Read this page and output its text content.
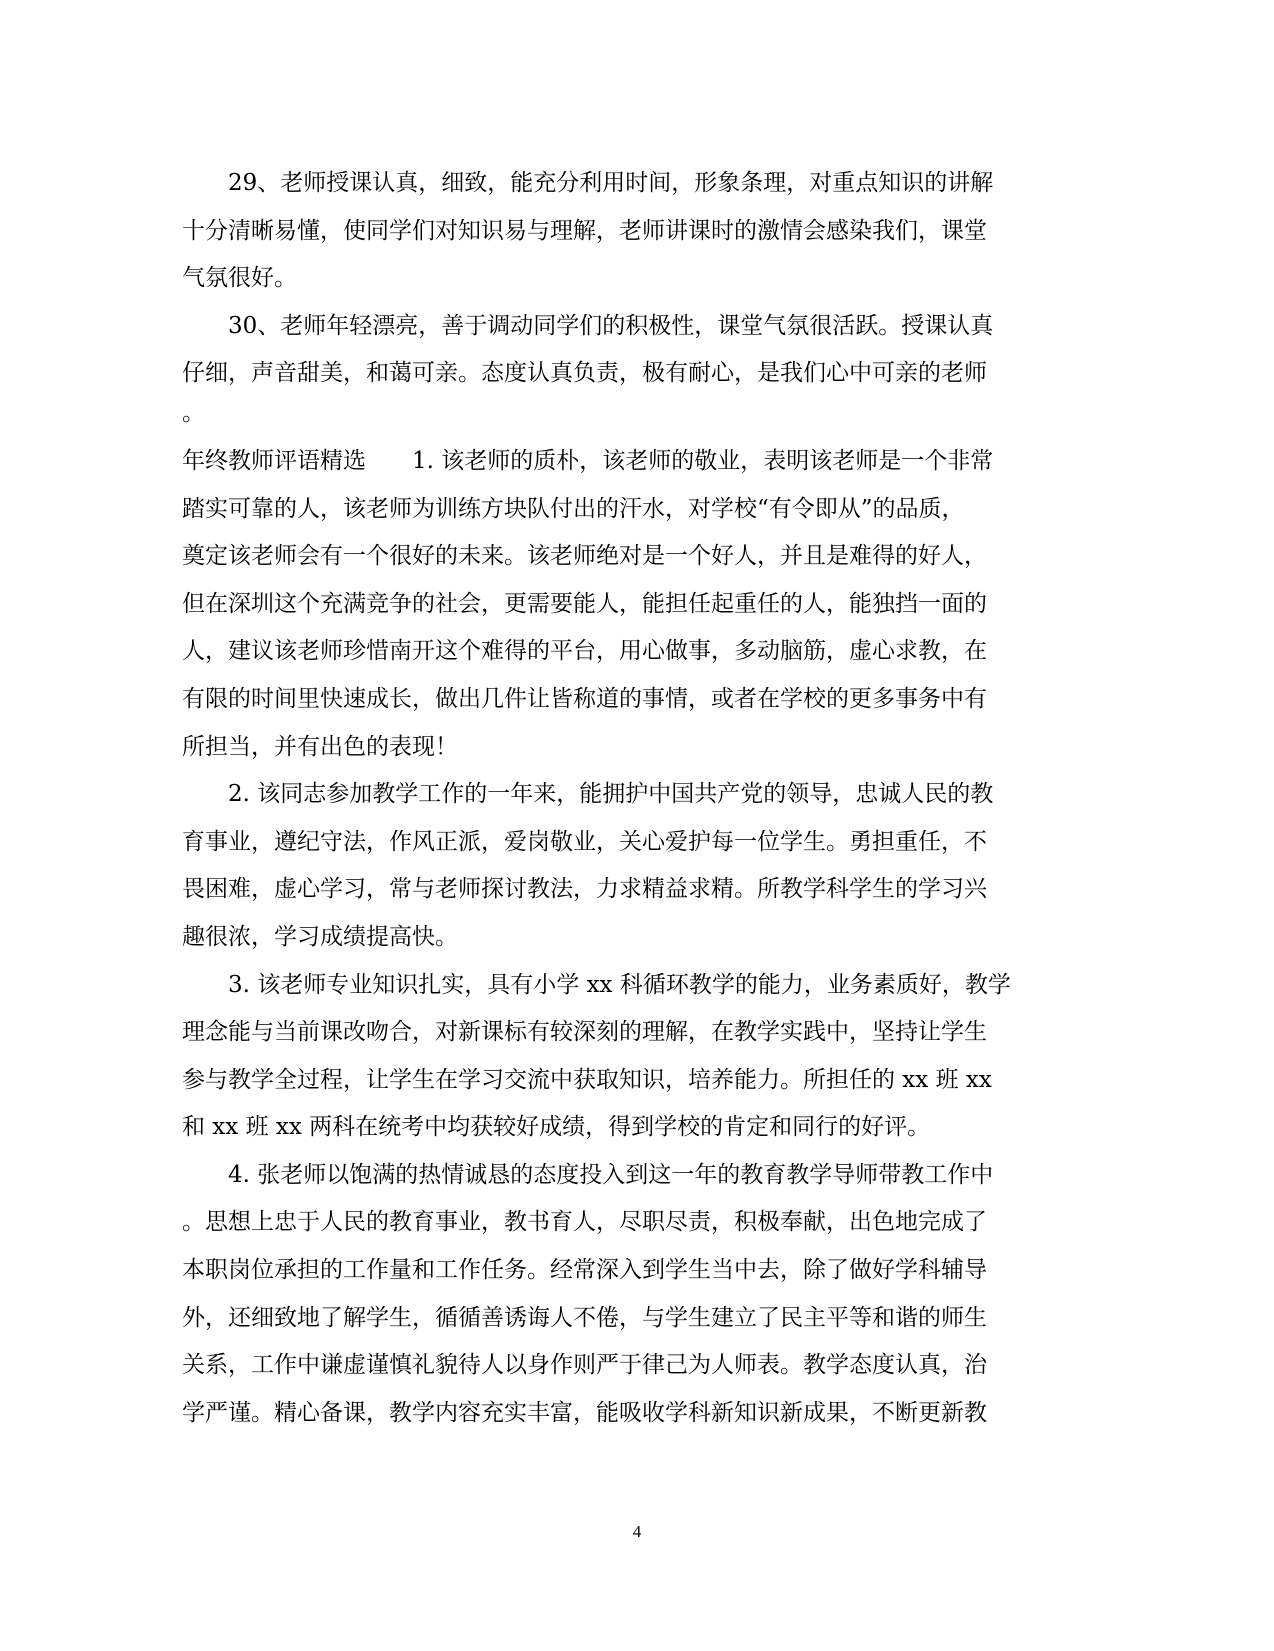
29、老师授课认真，细致，能充分利用时间，形象条理，对重点知识的讲解
十分清晰易懂，使同学们对知识易与理解，老师讲课时的激情会感染我们，课堂
气氛很好。
30、老师年轻漂亮，善于调动同学们的积极性，课堂气氛很活跃。授课认真
仔细，声音甜美，和蔼可亲。态度认真负责，极有耐心，是我们心中可亲的老师
。
年终教师评语精选　　1. 该老师的质朴，该老师的敬业，表明该老师是一个非常
踏实可靠的人，该老师为训练方块队付出的汗水，对学校“有令即从”的品质，
奠定该老师会有一个很好的未来。该老师绝对是一个好人，并且是难得的好人，
但在深圳这个充满竞争的社会，更需要能人，能担任起重任的人，能独挡一面的
人，建议该老师珍惜南开这个难得的平台，用心做事，多动脑筋，虚心求教，在
有限的时间里快速成长，做出几件让皆称道的事情，或者在学校的更多事务中有
所担当，并有出色的表现！
2. 该同志参加教学工作的一年来，能拥护中国共产党的领导，忠诚人民的教
育事业，遵纪守法，作风正派，爱岗敬业，关心爱护每一位学生。勇担重任，不
畏困难，虚心学习，常与老师探讨教法，力求精益求精。所教学科学生的学习兴
趣很浓，学习成绩提高快。
3. 该老师专业知识扎实，具有小学 xx 科循环教学的能力，业务素质好，教学
理念能与当前课改吻合，对新课标有较深刻的理解，在教学实践中，坚持让学生
参与教学全过程，让学生在学习交流中获取知识，培养能力。所担任的 xx 班 xx
和 xx 班 xx 两科在统考中均获较好成绩，得到学校的肯定和同行的好评。
4. 张老师以饱满的热情诚恳的态度投入到这一年的教育教学导师带教工作中
。思想上忠于人民的教育事业，教书育人，尽职尽责，积极奉献，出色地完成了
本职岗位承担的工作量和工作任务。经常深入到学生当中去，除了做好学科辅导
外，还细致地了解学生，循循善诱诲人不倦，与学生建立了民主平等和谐的师生
关系，工作中谦虚谨慎礼貌待人以身作则严于律己为人师表。教学态度认真，治
学严谨。精心备课，教学内容充实丰富，能吸收学科新知识新成果，不断更新教
4
